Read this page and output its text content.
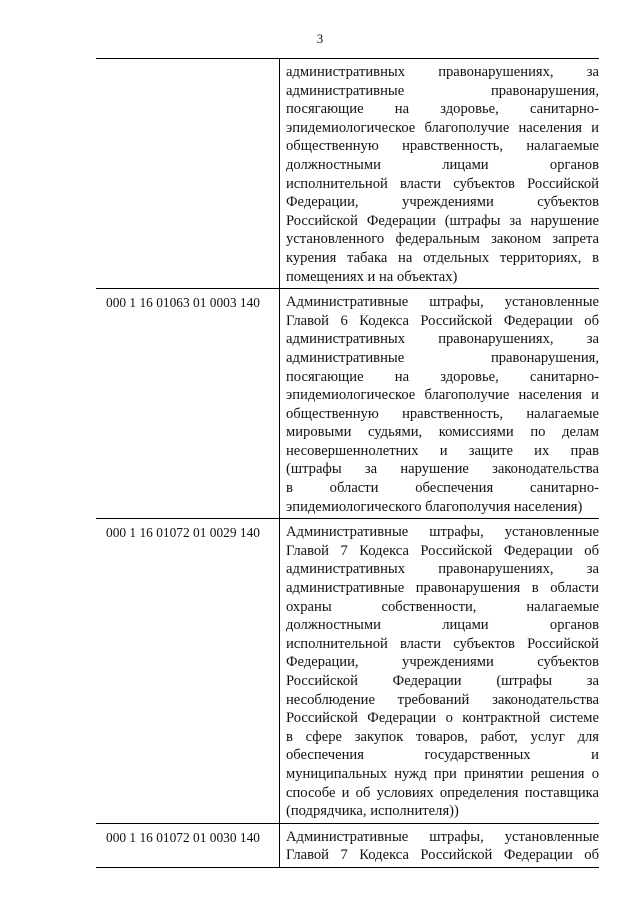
3
административных правонарушениях, за
административные правонарушения,
посягающие на здоровье, санитарно-
эпидемиологическое благополучие населения и
общественную нравственность, налагаемые
должностными лицами органов
исполнительной власти субъектов Российской
Федерации, учреждениями субъектов
Российской Федерации (штрафы за нарушение
установленного федеральным законом запрета
курения табака на отдельных территориях, в
помещениях и на объектах)
000 1 16 01063 01 0003 140	Административные штрафы, установленные
Главой 6 Кодекса Российской Федерации об
административных правонарушениях, за
административные правонарушения,
посягающие на здоровье, санитарно-
эпидемиологическое благополучие населения и
общественную нравственность, налагаемые
мировыми судьями, комиссиями по делам
несовершеннолетних и защите их прав
(штрафы за нарушение законодательства
в области обеспечения санитарно-
эпидемиологического благополучия населения)
000 1 16 01072 01 0029 140	Административные штрафы, установленные
Главой 7 Кодекса Российской Федерации об
административных правонарушениях, за
административные правонарушения в области
охраны собственности, налагаемые
должностными лицами органов
исполнительной власти субъектов Российской
Федерации, учреждениями субъектов
Российской Федерации (штрафы за
несоблюдение требований законодательства
Российской Федерации о контрактной системе
в сфере закупок товаров, работ, услуг для
обеспечения государственных и
муниципальных нужд при принятии решения о
способе и об условиях определения поставщика
(подрядчика, исполнителя))
000 1 16 01072 01 0030 140	Административные штрафы, установленные
Главой 7 Кодекса Российской Федерации об
